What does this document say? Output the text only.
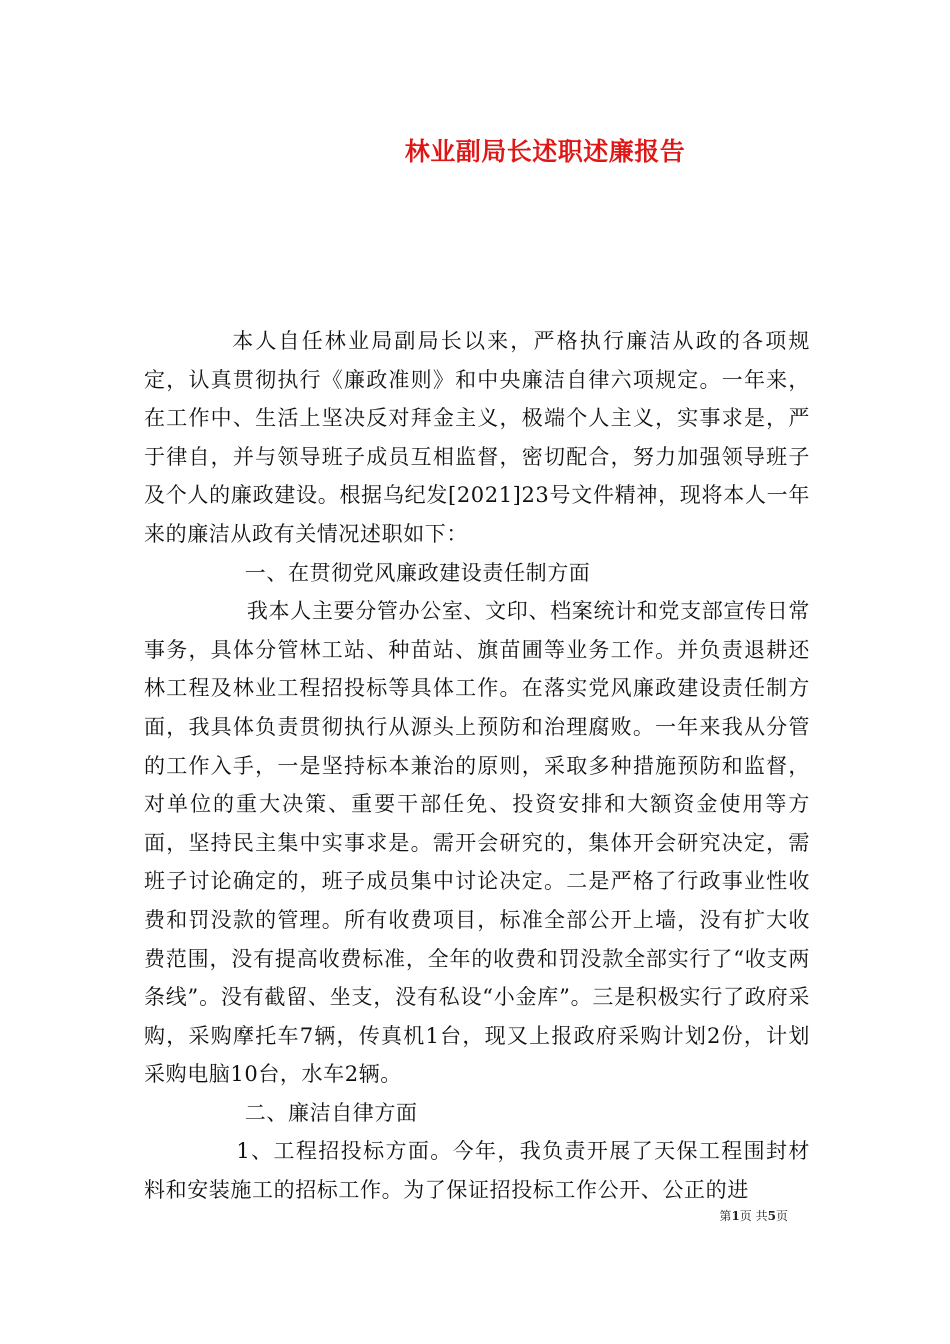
林业副局长述职述廉报告

本人自任林业局副局长以来，严格执行廉洁从政的各项规定，认真贯彻执行《廉政准则》和中央廉洁自律六项规定。一年来，在工作中、生活上坚决反对拜金主义，极端个人主义，实事求是，严于律自，并与领导班子成员互相监督，密切配合，努力加强领导班子及个人的廉政建设。根据乌纪发[2021]23号文件精神，现将本人一年来的廉洁从政有关情况述职如下：

一、在贯彻党风廉政建设责任制方面

我本人主要分管办公室、文印、档案统计和党支部宣传日常事务，具体分管林工站、种苗站、旗苗圃等业务工作。并负责退耕还林工程及林业工程招投标等具体工作。在落实党风廉政建设责任制方面，我具体负责贯彻执行从源头上预防和治理腐败。一年来我从分管的工作入手，一是坚持标本兼治的原则，采取多种措施预防和监督，对单位的重大决策、重要干部任免、投资安排和大额资金使用等方面，坚持民主集中实事求是。需开会研究的，集体开会研究决定，需班子讨论确定的，班子成员集中讨论决定。二是严格了行政事业性收费和罚没款的管理。所有收费项目，标准全部公开上墙，没有扩大收费范围，没有提高收费标准，全年的收费和罚没款全部实行了“收支两条线”。没有截留、坐支，没有私设“小金库”。三是积极实行了政府采购，采购摩托车7辆，传真机1台，现又上报政府采购计划2份，计划采购电脑10台，水车2辆。

二、廉洁自律方面

1、工程招投标方面。今年，我负责开展了天保工程围封材料和安装施工的招标工作。为了保证招投标工作公开、公正的进

第1页 共5页
